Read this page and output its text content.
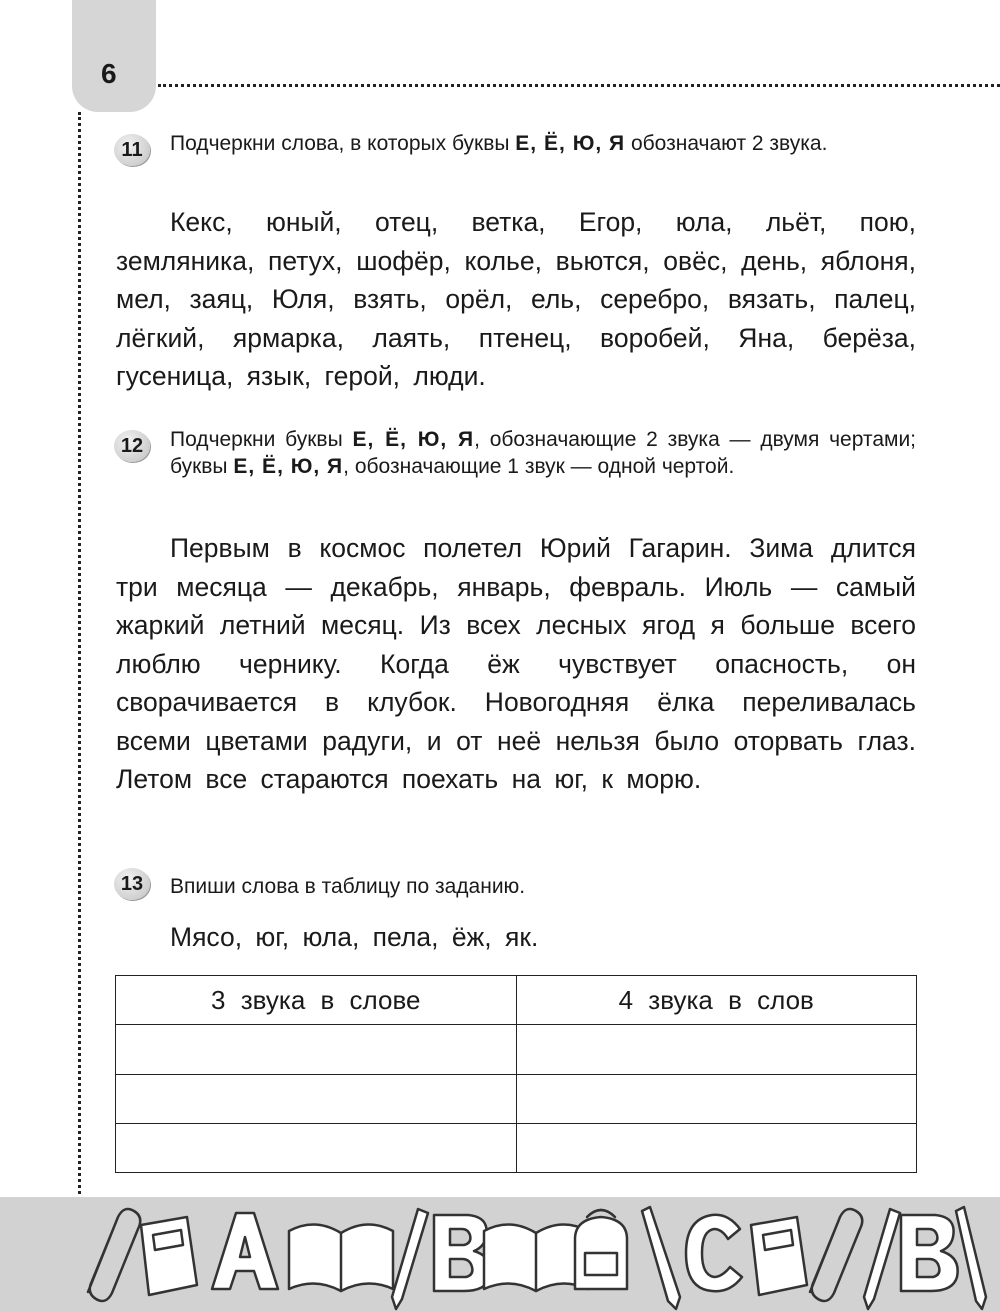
6
11	Подчеркни слова, в которых буквы Е, Ё, Ю, Я обозначают 2 звука.
Кекс, юный, отец, ветка, Егор, юла, льёт, пою, земляника, петух, шофёр, колье, вьются, овёс, день, яблоня, мел, заяц, Юля, взять, орёл, ель, серебро, вязать, палец, лёгкий, ярмарка, лаять, птенец, воробей, Яна, берёза, гусеница, язык, герой, люди.
12	Подчеркни буквы Е, Ё, Ю, Я, обозначающие 2 звука — двумя чертами; буквы Е, Ё, Ю, Я, обозначающие 1 звук — одной чертой.
Первым в космос полетел Юрий Гагарин. Зима длится три месяца — декабрь, январь, февраль. Июль — самый жаркий летний месяц. Из всех лесных ягод я больше всего люблю чернику. Когда ёж чувствует опасность, он сворачивается в клубок. Новогодняя ёлка переливалась всеми цветами радуги, и от неё нельзя было оторвать глаз. Летом все стараются поехать на юг, к морю.
13	Впиши слова в таблицу по заданию.
Мясо, юг, юла, пела, ёж, як.
3 звука в слове	4 звука в слов
